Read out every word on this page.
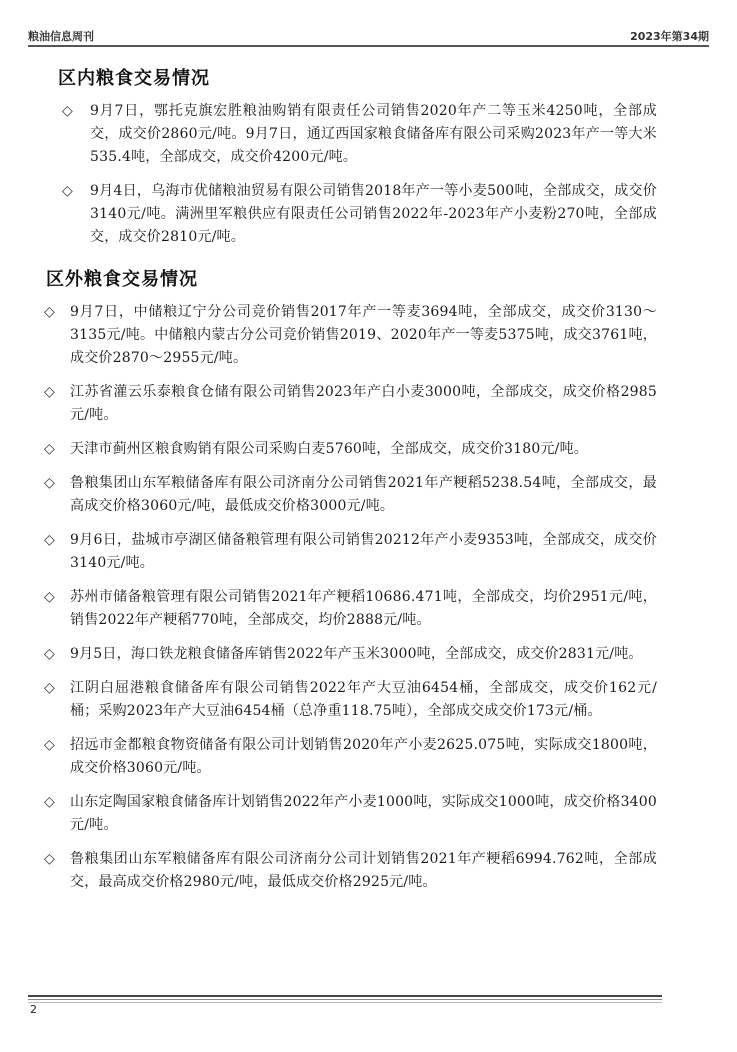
粮油信息周刊	2023年第34期
区内粮食交易情况
◇ 9月7日，鄂托克旗宏胜粮油购销有限责任公司销售2020年产二等玉米4250吨，全部成交，成交价2860元/吨。9月7日，通辽西国家粮食储备库有限公司采购2023年产一等大米535.4吨，全部成交，成交价4200元/吨。
◇ 9月4日，乌海市优储粮油贸易有限公司销售2018年产一等小麦500吨，全部成交，成交价3140元/吨。满洲里军粮供应有限责任公司销售2022年-2023年产小麦粉270吨，全部成交，成交价2810元/吨。
区外粮食交易情况
◇ 9月7日，中储粮辽宁分公司竞价销售2017年产一等麦3694吨，全部成交，成交价3130～3135元/吨。中储粮内蒙古分公司竞价销售2019、2020年产一等麦5375吨，成交3761吨，成交价2870～2955元/吨。
◇ 江苏省灌云乐泰粮食仓储有限公司销售2023年产白小麦3000吨，全部成交，成交价格2985元/吨。
◇ 天津市蓟州区粮食购销有限公司采购白麦5760吨，全部成交，成交价3180元/吨。
◇ 鲁粮集团山东军粮储备库有限公司济南分公司销售2021年产粳稻5238.54吨，全部成交，最高成交价格3060元/吨，最低成交价格3000元/吨。
◇ 9月6日，盐城市亭湖区储备粮管理有限公司销售20212年产小麦9353吨，全部成交，成交价3140元/吨。
◇ 苏州市储备粮管理有限公司销售2021年产粳稻10686.471吨，全部成交，均价2951元/吨，销售2022年产粳稻770吨，全部成交，均价2888元/吨。
◇ 9月5日，海口铁龙粮食储备库销售2022年产玉米3000吨，全部成交，成交价2831元/吨。
◇ 江阴白屈港粮食储备库有限公司销售2022年产大豆油6454桶，全部成交，成交价162元/桶；采购2023年产大豆油6454桶（总净重118.75吨），全部成交成交价173元/桶。
◇ 招远市金都粮食物资储备有限公司计划销售2020年产小麦2625.075吨，实际成交1800吨，成交价格3060元/吨。
◇ 山东定陶国家粮食储备库计划销售2022年产小麦1000吨，实际成交1000吨，成交价格3400元/吨。
◇ 鲁粮集团山东军粮储备库有限公司济南分公司计划销售2021年产粳稻6994.762吨，全部成交，最高成交价格2980元/吨，最低成交价格2925元/吨。
2
